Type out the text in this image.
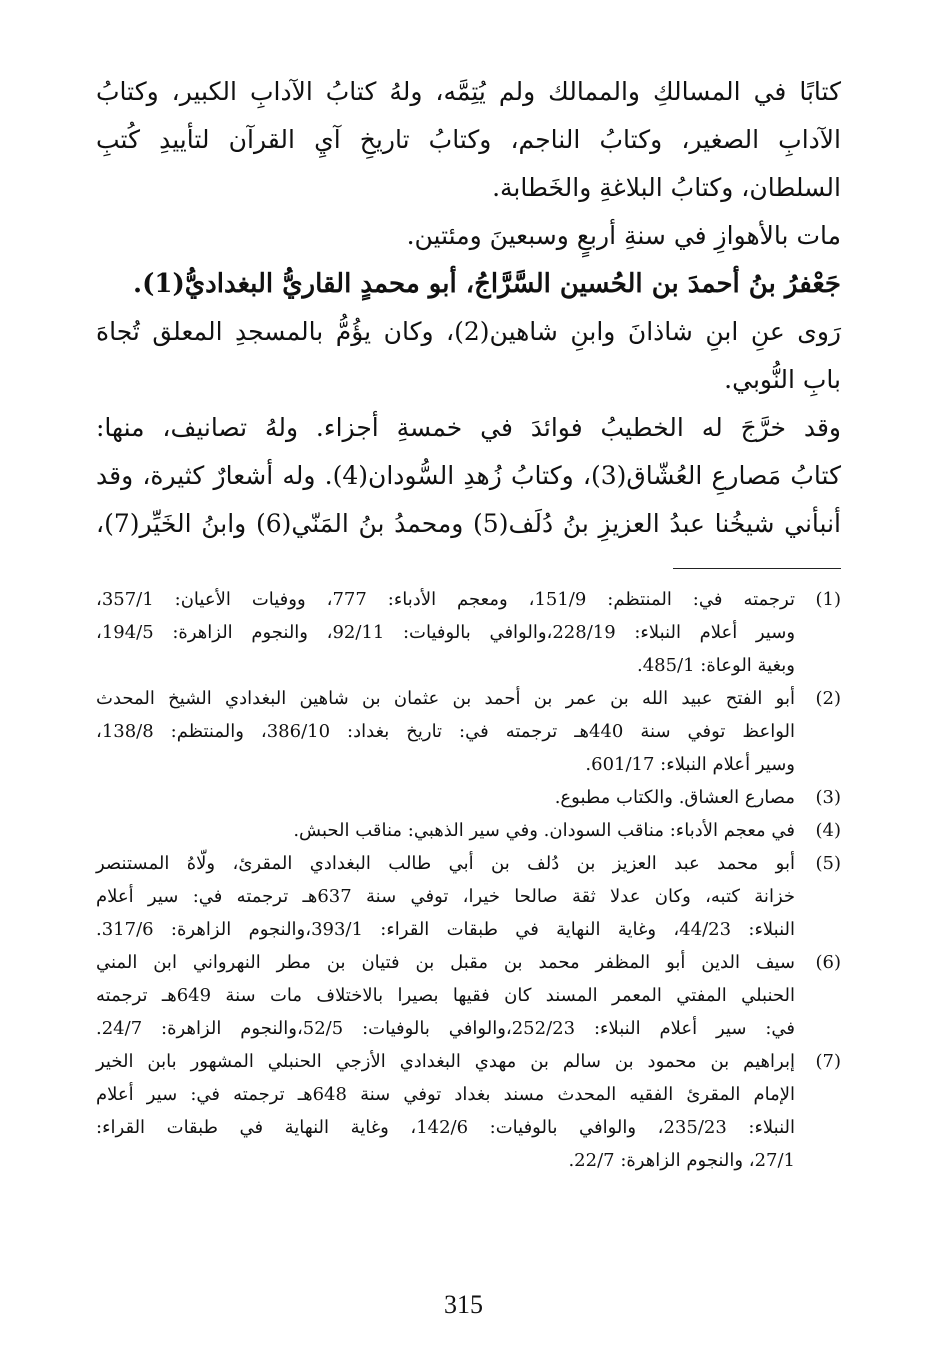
كتابًا في المسالكِ والممالك ولم يُتِمَّه، ولهُ كتابُ الآدابِ الكبير، وكتابُ
الآدابِ الصغير، وكتابُ الناجم، وكتابُ تاريخِ آيِ القرآن لتأييدِ كُتبِ
السلطان، وكتابُ البلاغةِ والخَطابة.
مات بالأهوازِ في سنةِ أربعٍ وسبعينَ ومئتين.
جَعْفرُ بنُ أحمدَ بن الحُسين السَّرَّاجُ، أبو محمدٍ القاريُّ البغداديُّ(1).
رَوى عنِ ابنِ شاذانَ وابنِ شاهين(2)، وكان يؤُمُّ بالمسجدِ المعلق تُجاهَ
بابِ النُّوبي.
وقد خرَّجَ له الخطيبُ فوائدَ في خمسةِ أجزاء. ولهُ تصانيف، منها:
كتابُ مَصارعِ العُشّاق(3)، وكتابُ زُهدِ السُّودان(4). وله أشعارٌ كثيرة، وقد
أنبأني شيخُنا عبدُ العزيزِ بنُ دُلَف(5) ومحمدُ بنُ المَنّي(6) وابنُ الخَيِّر(7)،
(1)
ترجمته في: المنتظم: 151/9، ومعجم الأدباء: 777، ووفيات الأعيان: 357/1،
وسير أعلام النبلاء: 228/19،والوافي بالوفيات: 92/11، والنجوم الزاهرة: 194/5،
وبغية الوعاة: 485/1.
(2)
أبو الفتح عبيد الله بن عمر بن أحمد بن عثمان بن شاهين البغدادي الشيخ المحدث
الواعظ توفي سنة 440هـ ترجمته في: تاريخ بغداد: 386/10، والمنتظم: 138/8،
وسير أعلام النبلاء: 601/17.
(3)
مصارع العشاق. والكتاب مطبوع.
(4)
في معجم الأدباء: مناقب السودان. وفي سير الذهبي: مناقب الحبش.
(5)
أبو محمد عبد العزيز بن دُلف بن أبي طالب البغدادي المقرئ، ولّاهُ المستنصر
خزانة كتبه، وكان عدلا ثقة صالحا خيرا، توفي سنة 637هـ ترجمته في: سير أعلام
النبلاء: 44/23، وغاية النهاية في طبقات القراء: 393/1،والنجوم الزاهرة: 317/6.
(6)
سيف الدين أبو المظفر محمد بن مقبل بن فتيان بن مطر النهرواني ابن المني
الحنبلي المفتي المعمر المسند كان فقيها بصيرا بالاختلاف مات سنة 649هـ ترجمته
في: سير أعلام النبلاء: 252/23،والوافي بالوفيات: 52/5،والنجوم الزاهرة: 24/7.
(7)
إبراهيم بن محمود بن سالم بن مهدي البغدادي الأزجي الحنبلي المشهور بابن الخير
الإمام المقرئ الفقيه المحدث مسند بغداد توفي سنة 648هـ ترجمته في: سير أعلام
النبلاء: 235/23، والوافي بالوفيات: 142/6، وغاية النهاية في طبقات القراء:
27/1، والنجوم الزاهرة: 22/7.
315
